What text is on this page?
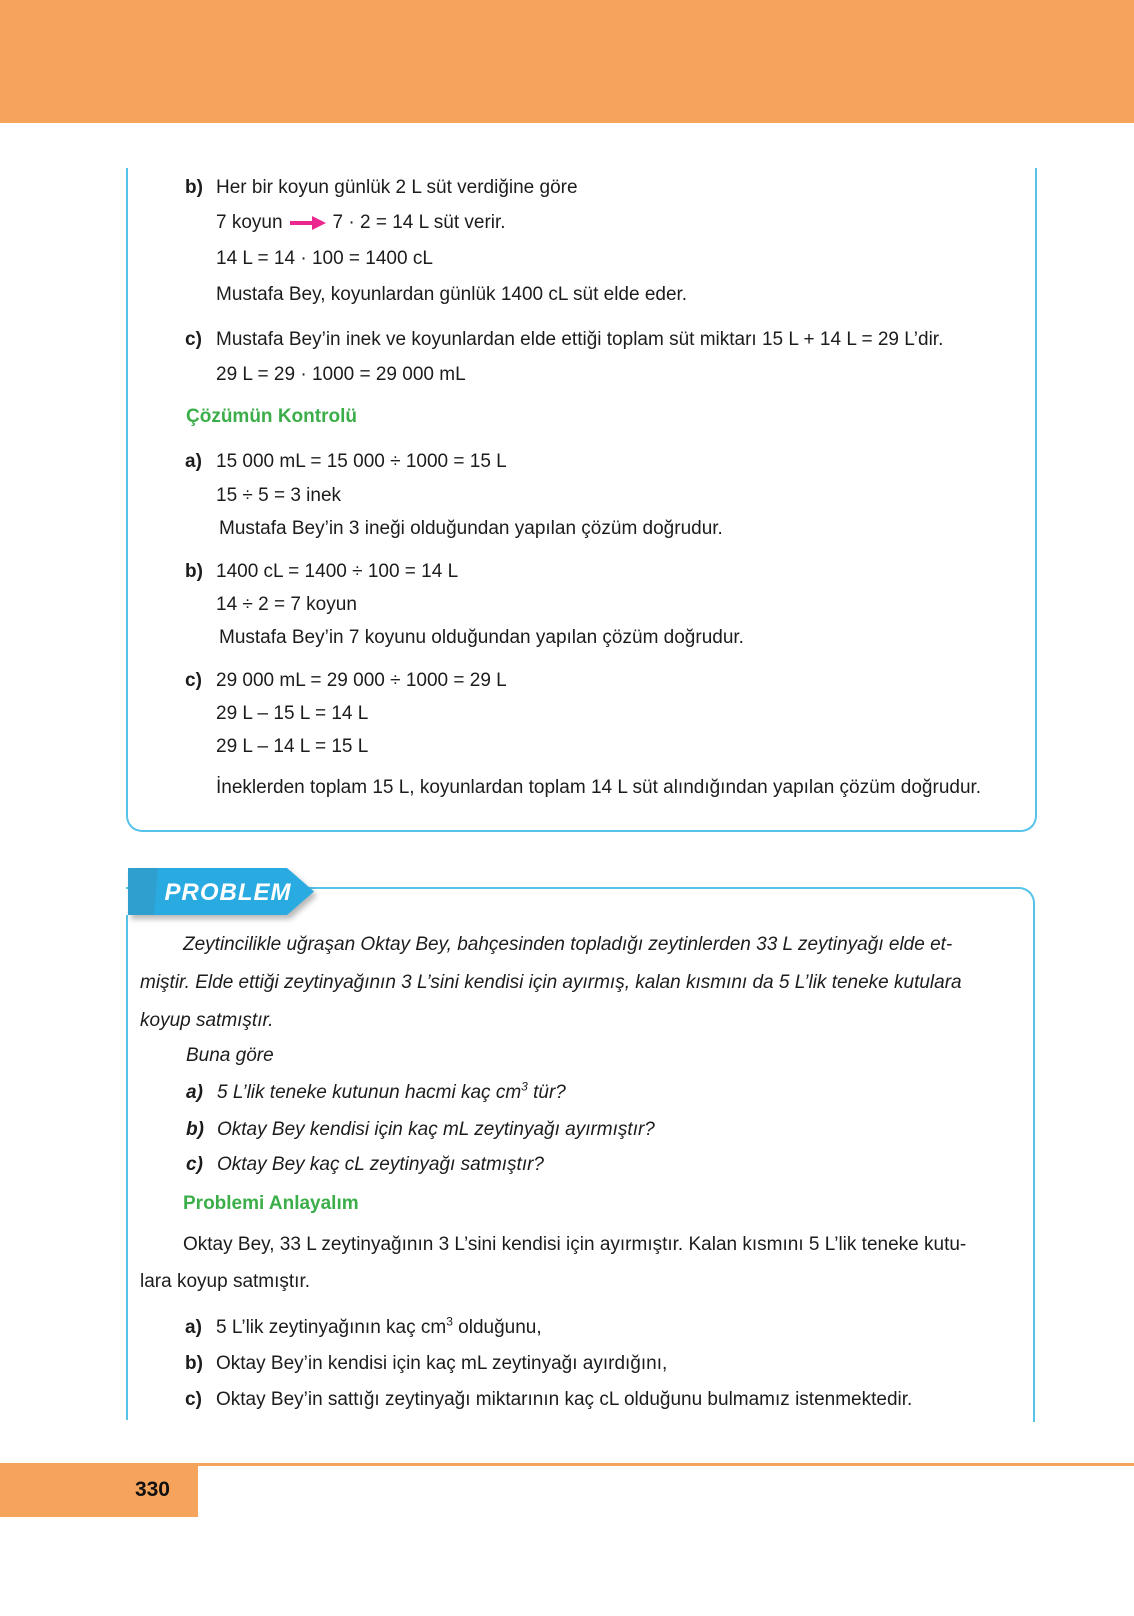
b) Her bir koyun günlük 2 L süt verdiğine göre
7 koyun	7 · 2 = 14 L süt verir.
14 L = 14 · 100 = 1400 cL
Mustafa Bey, koyunlardan günlük 1400 cL süt elde eder.
c) Mustafa Bey’in inek ve koyunlardan elde ettiği toplam süt miktarı 15 L + 14 L = 29 L’dir.
29 L = 29 · 1000 = 29 000 mL
Çözümün Kontrolü
a) 15 000 mL = 15 000 ÷ 1000 = 15 L
15 ÷ 5 = 3 inek
Mustafa Bey’in 3 ineği olduğundan yapılan çözüm doğrudur.
b) 1400 cL = 1400 ÷ 100 = 14 L
14 ÷ 2 = 7 koyun
Mustafa Bey’in 7 koyunu olduğundan yapılan çözüm doğrudur.
c) 29 000 mL = 29 000 ÷ 1000 = 29 L
29 L – 15 L = 14 L
29 L – 14 L = 15 L
İneklerden toplam 15 L, koyunlardan toplam 14 L süt alındığından yapılan çözüm doğrudur.
PROBLEM
Zeytincilikle uğraşan Oktay Bey, bahçesinden topladığı zeytinlerden 33 L zeytinyağı elde et-
miştir. Elde ettiği zeytinyağının 3 L’sini kendisi için ayırmış, kalan kısmını da 5 L’lik teneke kutulara
koyup satmıştır.
Buna göre
a) 5 L’lik teneke kutunun hacmi kaç $cm^3$ tür?
b) Oktay Bey kendisi için kaç mL zeytinyağı ayırmıştır?
c) Oktay Bey kaç cL zeytinyağı satmıştır?
Problemi Anlayalım
Oktay Bey, 33 L zeytinyağının 3 L’sini kendisi için ayırmıştır. Kalan kısmını 5 L’lik teneke kutu-
lara koyup satmıştır.
a) 5 L’lik zeytinyağının kaç $cm^3$ olduğunu,
b) Oktay Bey’in kendisi için kaç mL zeytinyağı ayırdığını,
c) Oktay Bey’in sattığı zeytinyağı miktarının kaç cL olduğunu bulmamız istenmektedir.
330
